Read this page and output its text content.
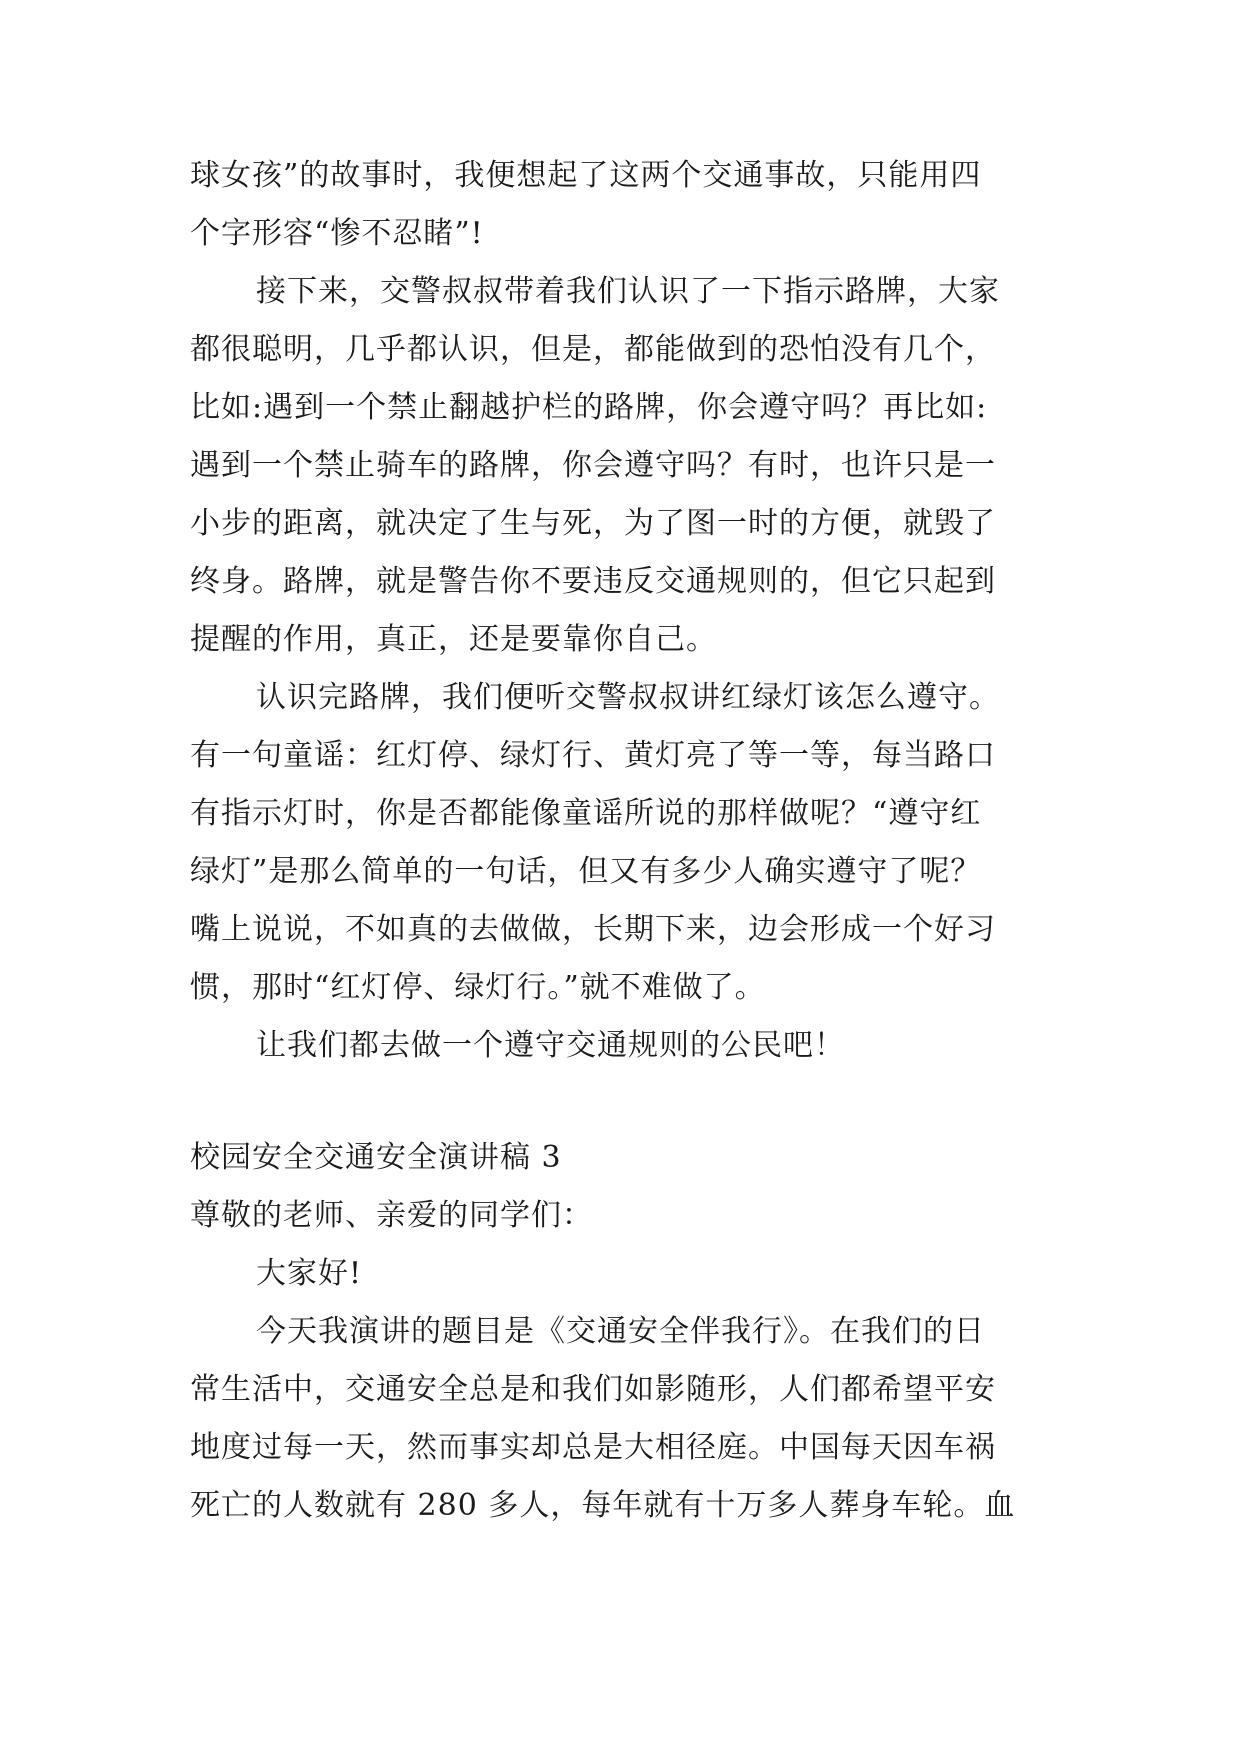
球女孩”的故事时，我便想起了这两个交通事故，只能用四
个字形容“惨不忍睹”!
接下来，交警叔叔带着我们认识了一下指示路牌，大家
都很聪明，几乎都认识，但是，都能做到的恐怕没有几个，
比如:遇到一个禁止翻越护栏的路牌，你会遵守吗？再比如:
遇到一个禁止骑车的路牌，你会遵守吗？有时，也许只是一
小步的距离，就决定了生与死，为了图一时的方便，就毁了
终身。路牌，就是警告你不要违反交通规则的，但它只起到
提醒的作用，真正，还是要靠你自己。
认识完路牌，我们便听交警叔叔讲红绿灯该怎么遵守。
有一句童谣：红灯停、绿灯行、黄灯亮了等一等，每当路口
有指示灯时，你是否都能像童谣所说的那样做呢？“遵守红
绿灯”是那么简单的一句话，但又有多少人确实遵守了呢？
嘴上说说，不如真的去做做，长期下来，边会形成一个好习
惯，那时“红灯停、绿灯行。”就不难做了。
让我们都去做一个遵守交通规则的公民吧！
校园安全交通安全演讲稿 3
尊敬的老师、亲爱的同学们：
大家好!
今天我演讲的题目是《交通安全伴我行》。在我们的日
常生活中，交通安全总是和我们如影随形，人们都希望平安
地度过每一天，然而事实却总是大相径庭。中国每天因车祸
死亡的人数就有 280 多人，每年就有十万多人葬身车轮。血
